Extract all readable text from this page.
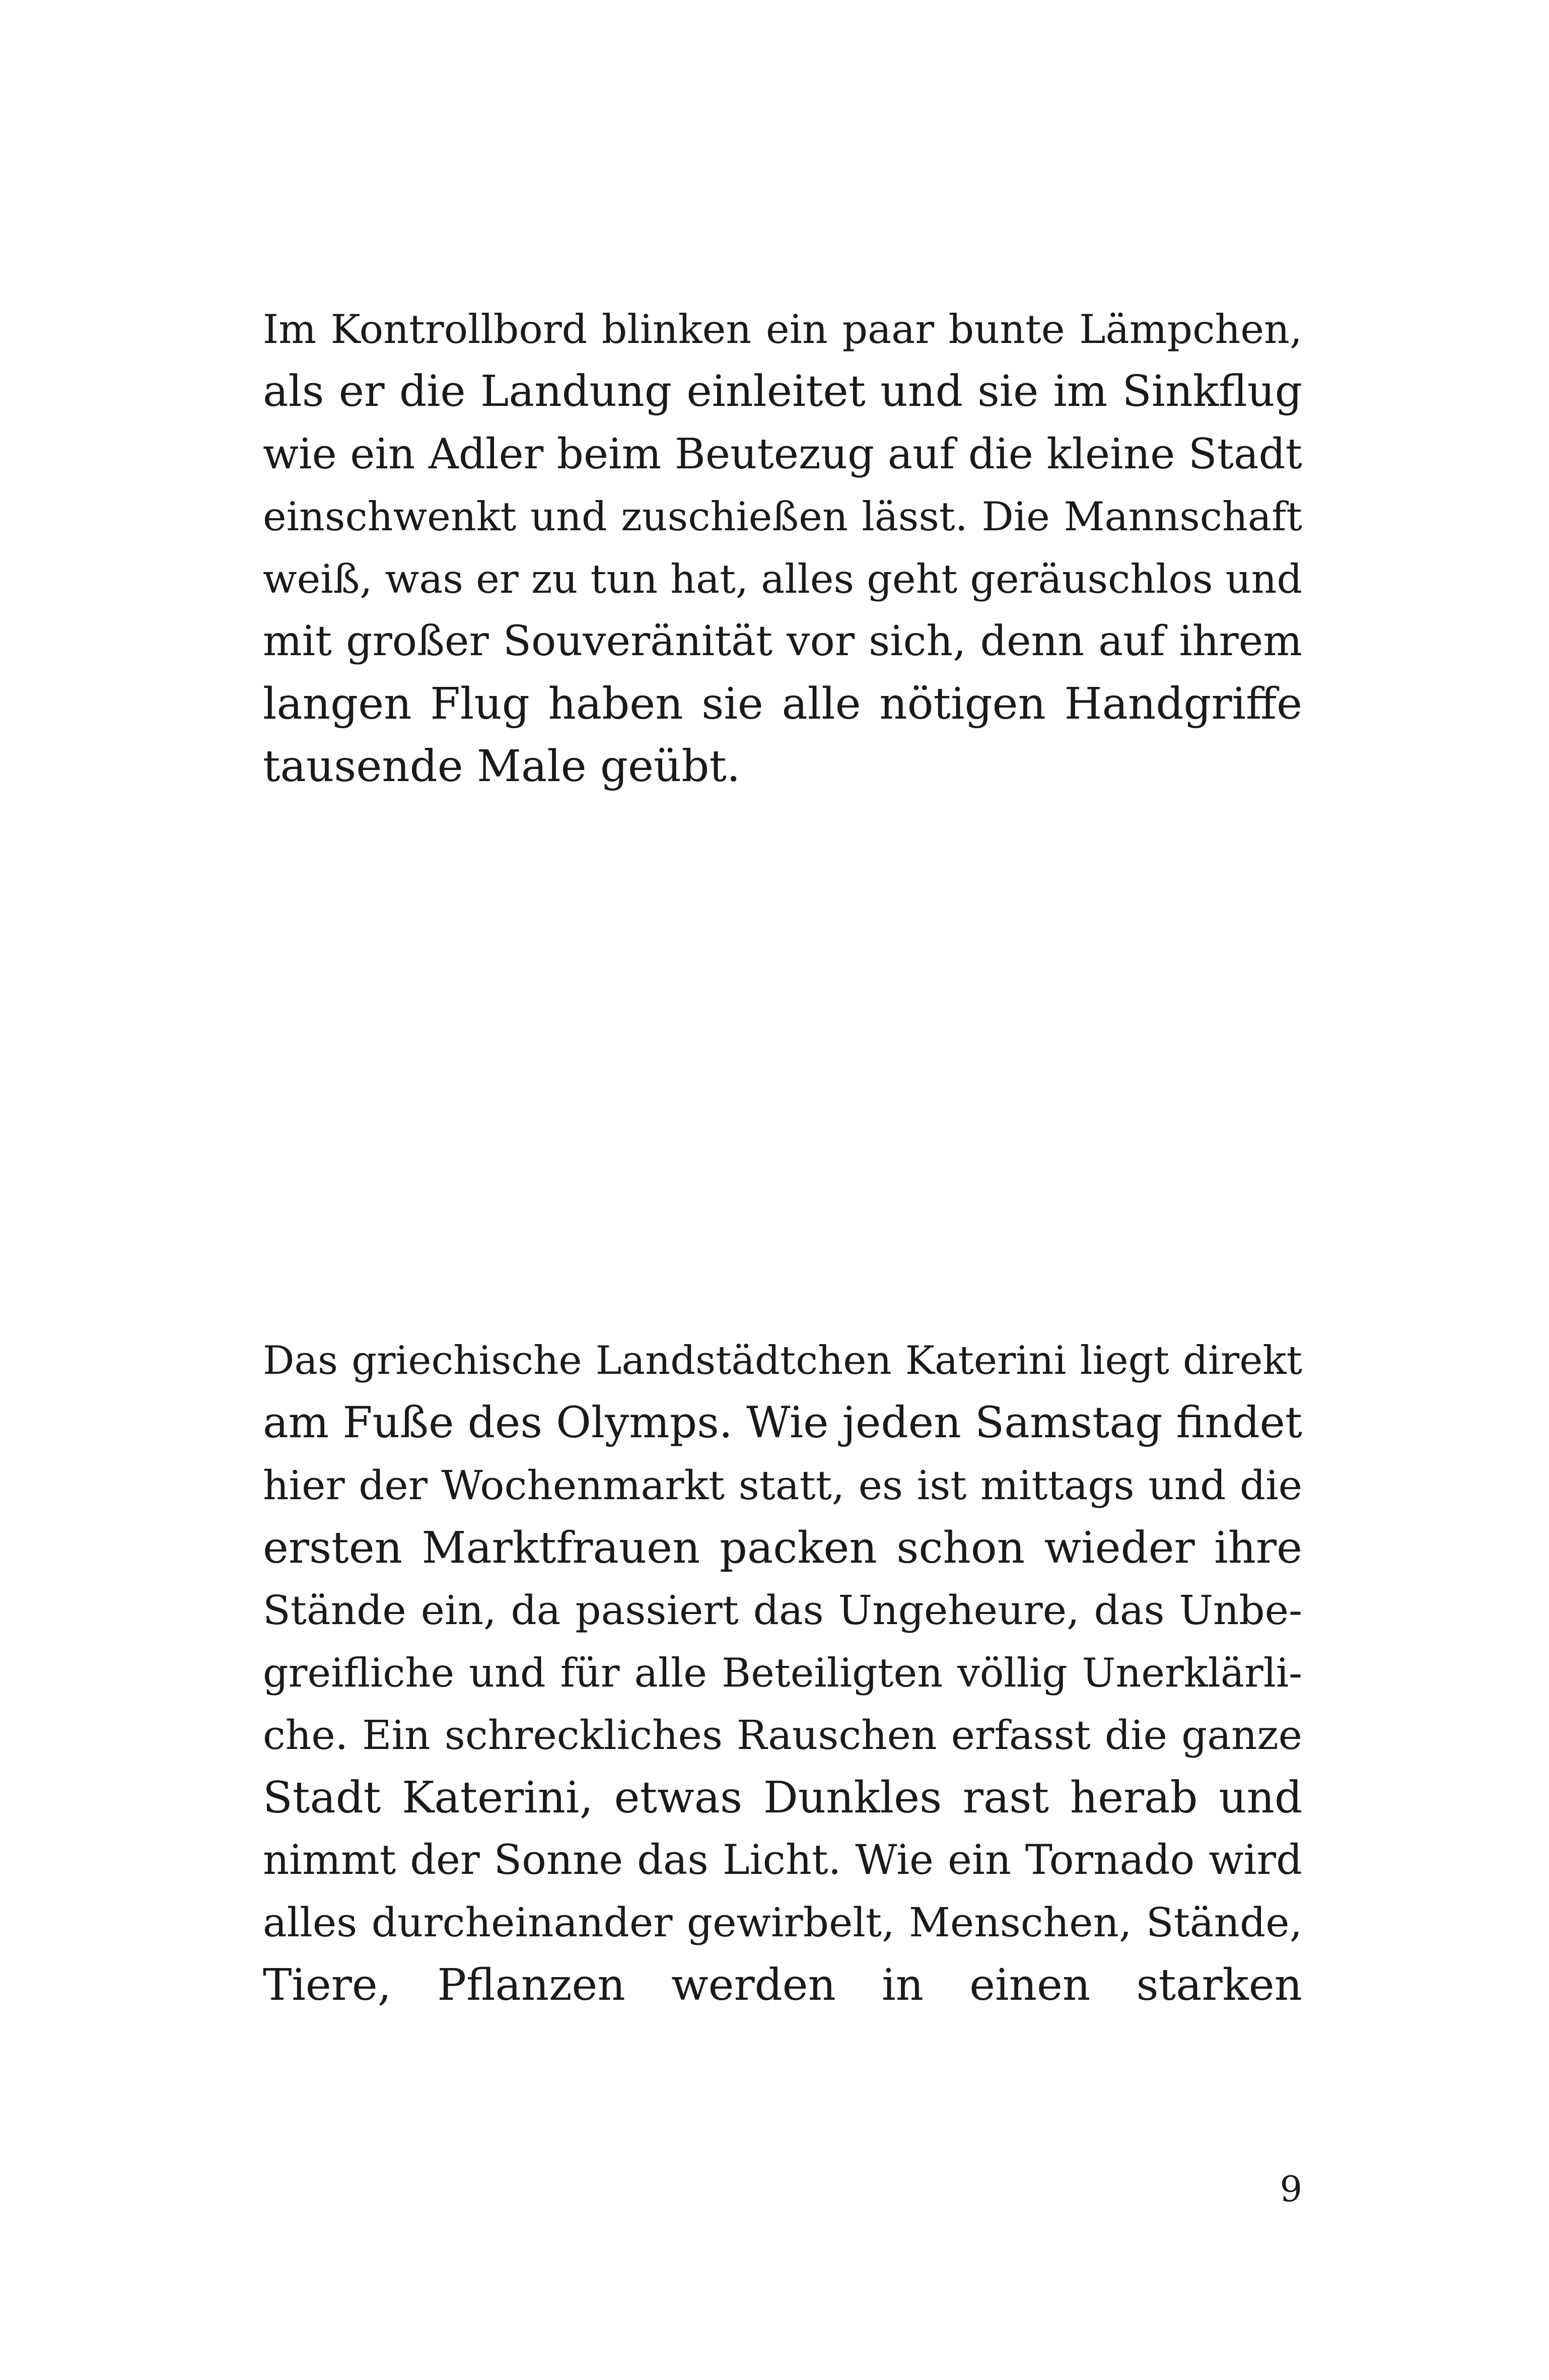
Im Kontrollbord blinken ein paar bunte Lämpchen,
als er die Landung einleitet und sie im Sinkflug
wie ein Adler beim Beutezug auf die kleine Stadt
einschwenkt und zuschießen lässt. Die Mannschaft
weiß, was er zu tun hat, alles geht geräuschlos und
mit großer Souveränität vor sich, denn auf ihrem
langen Flug haben sie alle nötigen Handgriffe
tausende Male geübt.
Das griechische Landstädtchen Katerini liegt direkt
am Fuße des Olymps. Wie jeden Samstag findet
hier der Wochenmarkt statt, es ist mittags und die
ersten Marktfrauen packen schon wieder ihre
Stände ein, da passiert das Ungeheure, das Unbe-
greifliche und für alle Beteiligten völlig Unerklärli-
che. Ein schreckliches Rauschen erfasst die ganze
Stadt Katerini, etwas Dunkles rast herab und
nimmt der Sonne das Licht. Wie ein Tornado wird
alles durcheinander gewirbelt, Menschen, Stände,
Tiere, Pflanzen werden in einen starken
9
